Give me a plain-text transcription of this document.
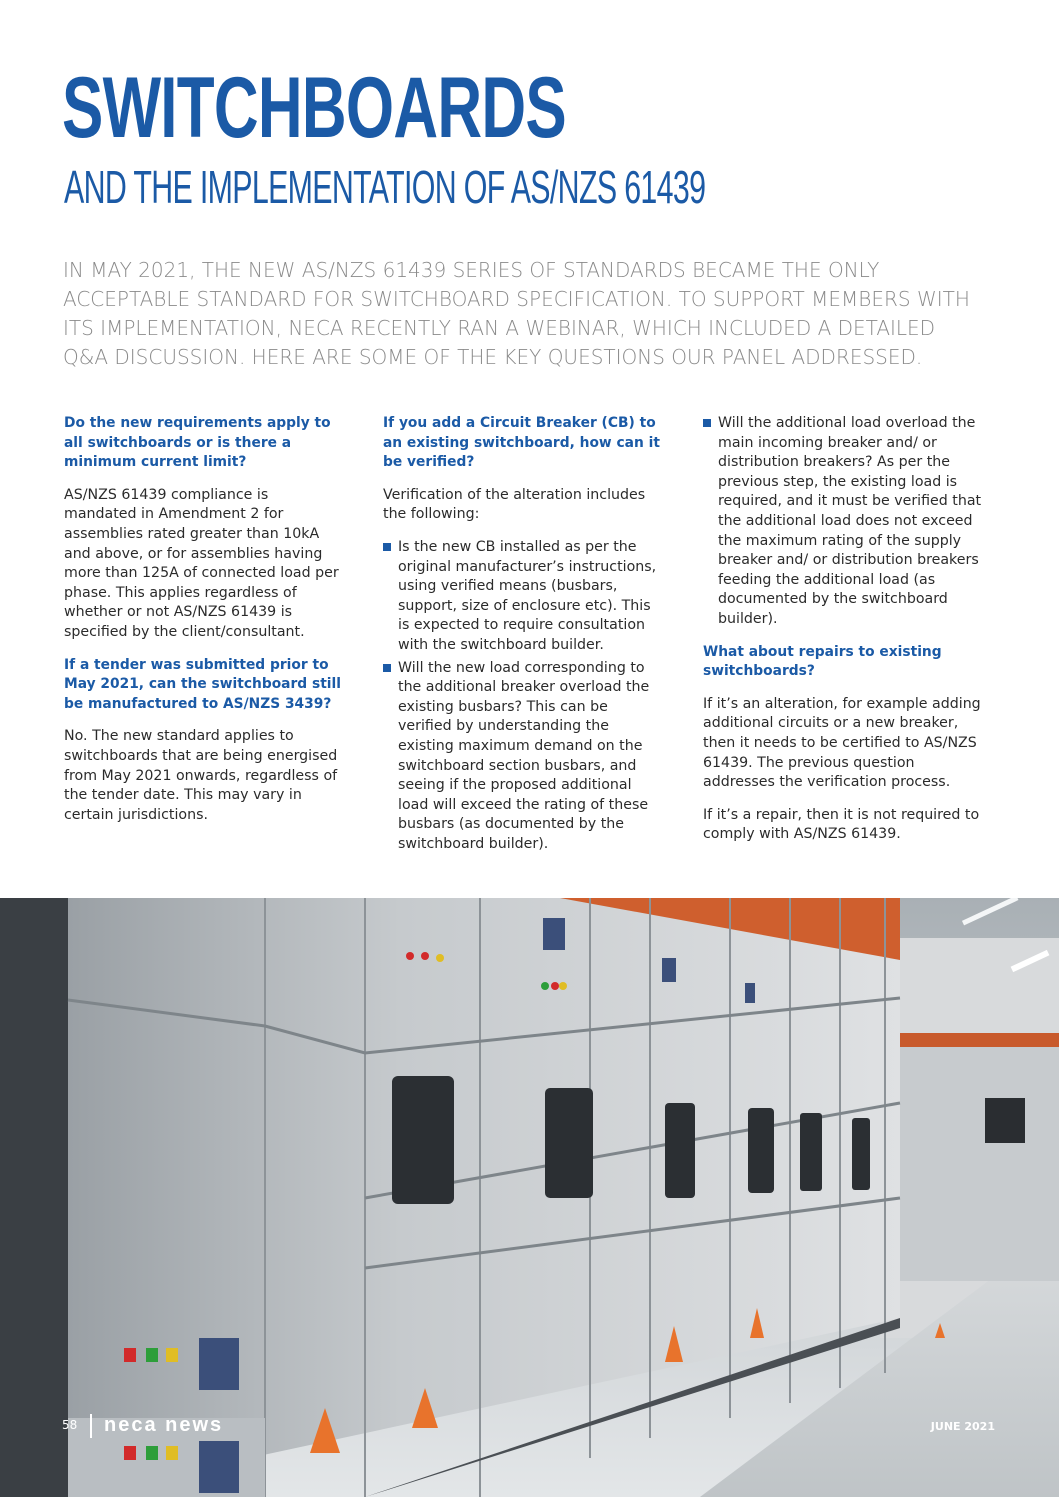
SWITCHBOARDS
AND THE IMPLEMENTATION OF AS/NZS 61439

IN MAY 2021, THE NEW AS/NZS 61439 SERIES OF STANDARDS BECAME THE ONLY ACCEPTABLE STANDARD FOR SWITCHBOARD SPECIFICATION. TO SUPPORT MEMBERS WITH ITS IMPLEMENTATION, NECA RECENTLY RAN A WEBINAR, WHICH INCLUDED A DETAILED Q&A DISCUSSION. HERE ARE SOME OF THE KEY QUESTIONS OUR PANEL ADDRESSED.

Do the new requirements apply to all switchboards or is there a minimum current limit?

AS/NZS 61439 compliance is mandated in Amendment 2 for assemblies rated greater than 10kA and above, or for assemblies having more than 125A of connected load per phase. This applies regardless of whether or not AS/NZS 61439 is specified by the client/consultant.

If a tender was submitted prior to May 2021, can the switchboard still be manufactured to AS/NZS 3439?

No. The new standard applies to switchboards that are being energised from May 2021 onwards, regardless of the tender date. This may vary in certain jurisdictions.

If you add a Circuit Breaker (CB) to an existing switchboard, how can it be verified?

Verification of the alteration includes the following:

Is the new CB installed as per the original manufacturer’s instructions, using verified means (busbars, support, size of enclosure etc). This is expected to require consultation with the switchboard builder.
Will the new load corresponding to the additional breaker overload the existing busbars? This can be verified by understanding the existing maximum demand on the switchboard section busbars, and seeing if the proposed additional load will exceed the rating of these busbars (as documented by the switchboard builder).
Will the additional load overload the main incoming breaker and/ or distribution breakers? As per the previous step, the existing load is required, and it must be verified that the additional load does not exceed the maximum rating of the supply breaker and/ or distribution breakers feeding the additional load (as documented by the switchboard builder).

What about repairs to existing switchboards?

If it’s an alteration, for example adding additional circuits or a new breaker, then it needs to be certified to AS/NZS 61439. The previous question addresses the verification process.

If it’s a repair, then it is not required to comply with AS/NZS 61439.

58 neca news	JUNE 2021
